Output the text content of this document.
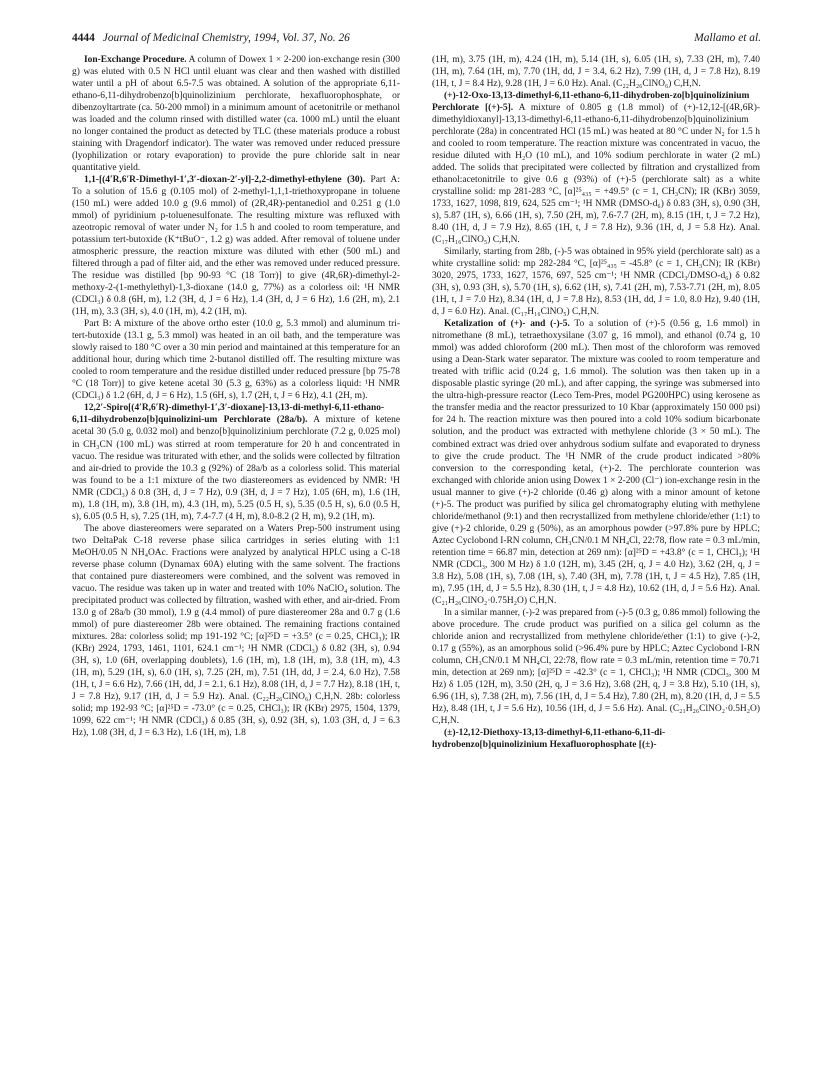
4444 Journal of Medicinal Chemistry, 1994, Vol. 37, No. 26	Mallamo et al.

Ion-Exchange Procedure. A column of Dowex 1 × 2-200 ion-exchange resin (300 g) was eluted with 0.5 N HCl until eluant was clear and then washed with distilled water until a pH of about 6.5-7.5 was obtained. A solution of the appropriate 6,11-ethano-6,11-dihydrobenzo[b]quinolizinium perchlorate, hexafluorophosphate, or dibenzoyltartrate (ca. 50-200 mmol) in a minimum amount of acetonitrile or methanol was loaded and the column rinsed with distilled water (ca. 1000 mL) until the eluant no longer contained the product as detected by TLC (these materials produce a robust staining with Dragendorf indicator). The water was removed under reduced pressure (lyophilization or rotary evaporation) to provide the pure chloride salt in near quantitative yield.

1,1-[(4′R,6′R-Dimethyl-1′,3′-dioxan-2′-yl]-2,2-dimethyl-ethylene (30). Part A: To a solution of 15.6 g (0.105 mol) of 2-methyl-1,1,1-triethoxypropane in toluene (150 mL) were added 10.0 g (9.6 mmol) of (2R,4R)-pentanediol and 0.251 g (1.0 mmol) of pyridinium p-toluenesulfonate. The resulting mixture was refluxed with azeotropic removal of water under N₂ for 1.5 h and cooled to room temperature, and potassium tert-butoxide (K⁺tBuO⁻, 1.2 g) was added. After removal of toluene under atmospheric pressure, the reaction mixture was diluted with ether (500 mL) and filtered through a pad of filter aid, and the ether was removed under reduced pressure. The residue was distilled [bp 90-93 °C (18 Torr)] to give (4R,6R)-dimethyl-2-methoxy-2-(1-methylethyl)-1,3-dioxane (14.0 g, 77%) as a colorless oil: ¹H NMR (CDCl₃) δ 0.8 (6H, m), 1.2 (3H, d, J = 6 Hz), 1.4 (3H, d, J = 6 Hz), 1.6 (2H, m), 2.1 (1H, m), 3.3 (3H, s), 4.0 (1H, m), 4.2 (1H, m).

Part B: A mixture of the above ortho ester (10.0 g, 5.3 mmol) and aluminum tri-tert-butoxide (13.1 g, 5.3 mmol) was heated in an oil bath, and the temperature was slowly raised to 180 °C over a 30 min period and maintained at this temperature for an additional hour, during which time 2-butanol distilled off. The resulting mixture was cooled to room temperature and the residue distilled under reduced pressure [bp 75-78 °C (18 Torr)] to give ketene acetal 30 (5.3 g, 63%) as a colorless liquid: ¹H NMR (CDCl₃) δ 1.2 (6H, d, J = 6 Hz), 1.5 (6H, s), 1.7 (2H, t, J = 6 Hz), 4.1 (2H, m).

12,2′-Spiro[(4′R,6′R)-dimethyl-1′,3′-dioxane]-13,13-di-methyl-6,11-ethano-6,11-dihydrobenzo[b]quinolizini-um Perchlorate (28a/b). A mixture of ketene acetal 30 (5.0 g, 0.032 mol) and benzo[b]quinolizinium perchlorate (7.2 g, 0.025 mol) in CH₃CN (100 mL) was stirred at room temperature for 20 h and concentrated in vacuo. The residue was triturated with ether, and the solids were collected by filtration and air-dried to provide the 10.3 g (92%) of 28a/b as a colorless solid. This material was found to be a 1:1 mixture of the two diastereomers as evidenced by NMR: ¹H NMR (CDCl₃) δ 0.8 (3H, d, J = 7 Hz), 0.9 (3H, d, J = 7 Hz), 1.05 (6H, m), 1.6 (1H, m), 1.8 (1H, m), 3.8 (1H, m), 4.3 (1H, m), 5.25 (0.5 H, s), 5.35 (0.5 H, s), 6.0 (0.5 H, s), 6.05 (0.5 H, s), 7.25 (1H, m), 7.4-7.7 (4 H, m), 8.0-8.2 (2 H, m), 9.2 (1H, m).

The above diastereomers were separated on a Waters Prep-500 instrument using two DeltaPak C-18 reverse phase silica cartridges in series eluting with 1:1 MeOH/0.05 N NH₄OAc. Fractions were analyzed by analytical HPLC using a C-18 reverse phase column (Dynamax 60A) eluting with the same solvent. The fractions that contained pure diastereomers were combined, and the solvent was removed in vacuo. The residue was taken up in water and treated with 10% NaClO₄ solution. The precipitated product was collected by filtration, washed with ether, and air-dried. From 13.0 g of 28a/b (30 mmol), 1.9 g (4.4 mmol) of pure diastereomer 28a and 0.7 g (1.6 mmol) of pure diastereomer 28b were obtained. The remaining fractions contained mixtures. 28a: colorless solid; mp 191-192 °C; [α]²⁵D = +3.5° (c = 0.25, CHCl₃); IR (KBr) 2924, 1793, 1461, 1101, 624.1 cm⁻¹; ¹H NMR (CDCl₃) δ 0.82 (3H, s), 0.94 (3H, s), 1.0 (6H, overlapping doublets), 1.6 (1H, m), 1.8 (1H, m), 3.8 (1H, m), 4.3 (1H, m), 5.29 (1H, s), 6.0 (1H, s), 7.25 (2H, m), 7.51 (1H, dd, J = 2.4, 6.0 Hz), 7.58 (1H, t, J = 6.6 Hz), 7.66 (1H, dd, J = 2.1, 6.1 Hz), 8.08 (1H, d, J = 7.7 Hz), 8.18 (1H, t, J = 7.8 Hz), 9.17 (1H, d, J = 5.9 Hz). Anal. (C₂₂H₂₆ClNO₆) C,H,N. 28b: colorless solid; mp 192-93 °C; [α]²⁵D = -73.0° (c = 0.25, CHCl₃); IR (KBr) 2975, 1504, 1379, 1099, 622 cm⁻¹; ¹H NMR (CDCl₃) δ 0.85 (3H, s), 0.92 (3H, s), 1.03 (3H, d, J = 6.3 Hz), 1.08 (3H, d, J = 6.3 Hz), 1.6 (1H, m), 1.8

(1H, m), 3.75 (1H, m), 4.24 (1H, m), 5.14 (1H, s), 6.05 (1H, s), 7.33 (2H, m), 7.40 (1H, m), 7.64 (1H, m), 7.70 (1H, dd, J = 3.4, 6.2 Hz), 7.99 (1H, d, J = 7.8 Hz), 8.19 (1H, t, J = 8.4 Hz), 9.28 (1H, J = 6.0 Hz). Anal. (C₂₂H₂₆ClNO₆) C,H,N.

(+)-12-Oxo-13,13-dimethyl-6,11-ethano-6,11-dihydroben-zo[b]quinolizinium Perchlorate [(+)-5]. A mixture of 0.805 g (1.8 mmol) of (+)-12,12-[(4R,6R)-dimethyldioxanyl]-13,13-dimethyl-6,11-ethano-6,11-dihydrobenzo[b]quinolizinium perchlorate (28a) in concentrated HCl (15 mL) was heated at 80 °C under N₂ for 1.5 h and cooled to room temperature. The reaction mixture was concentrated in vacuo, the residue diluted with H₂O (10 mL), and 10% sodium perchlorate in water (2 mL) added. The solids that precipitated were collected by filtration and crystallized from ethanol:acetonitrile to give 0.6 g (93%) of (+)-5 (perchlorate salt) as a white crystalline solid: mp 281-283 °C, [α]²⁵₄₃₅ = +49.5° (c = 1, CH₃CN); IR (KBr) 3059, 1733, 1627, 1098, 819, 624, 525 cm⁻¹; ¹H NMR (DMSO-d₆) δ 0.83 (3H, s), 0.90 (3H, s), 5.87 (1H, s), 6.66 (1H, s), 7.50 (2H, m), 7.6-7.7 (2H, m), 8.15 (1H, t, J = 7.2 Hz), 8.40 (1H, d, J = 7.9 Hz), 8.65 (1H, t, J = 7.8 Hz), 9.36 (1H, d, J = 5.8 Hz). Anal. (C₁₇H₁₆ClNO₅) C,H,N.

Similarly, starting from 28b, (-)-5 was obtained in 95% yield (perchlorate salt) as a white crystalline solid: mp 282-284 °C, [α]²⁵₄₃₅ = -45.8° (c = 1, CH₃CN); IR (KBr) 3020, 2975, 1733, 1627, 1576, 697, 525 cm⁻¹; ¹H NMR (CDCl₃/DMSO-d₆) δ 0.82 (3H, s), 0.93 (3H, s), 5.70 (1H, s), 6.62 (1H, s), 7.41 (2H, m), 7.53-7.71 (2H, m), 8.05 (1H, t, J = 7.0 Hz), 8.34 (1H, d, J = 7.8 Hz), 8.53 (1H, dd, J = 1.0, 8.0 Hz), 9.40 (1H, d, J = 6.0 Hz). Anal. (C₁₇H₁₆ClNO₅) C,H,N.

Ketalization of (+)- and (-)-5. To a solution of (+)-5 (0.56 g, 1.6 mmol) in nitromethane (8 mL), tetraethoxysilane (3.07 g, 16 mmol), and ethanol (0.74 g, 10 mmol) was added chloroform (200 mL). Then most of the chloroform was removed using a Dean-Stark water separator. The mixture was cooled to room temperature and treated with triflic acid (0.24 g, 1.6 mmol). The solution was then taken up in a disposable plastic syringe (20 mL), and after capping, the syringe was submersed into the ultra-high-pressure reactor (Leco Tem-Pres, model PG200HPC) using kerosene as the transfer media and the reactor pressurized to 10 Kbar (approximately 150 000 psi) for 24 h. The reaction mixture was then poured into a cold 10% sodium bicarbonate solution, and the product was extracted with methylene chloride (3 × 50 mL). The combined extract was dried over anhydrous sodium sulfate and evaporated to dryness to give the crude product. The ¹H NMR of the crude product indicated >80% conversion to the corresponding ketal, (+)-2. The perchlorate counterion was exchanged with chloride anion using Dowex 1 × 2-200 (Cl⁻) ion-exchange resin in the usual manner to give (+)-2 chloride (0.46 g) along with a minor amount of ketone (+)-5. The product was purified by silica gel chromatography eluting with methylene chloride/methanol (9:1) and then recrystallized from methylene chloride/ether (1:1) to give (+)-2 chloride, 0.29 g (50%), as an amorphous powder (>97.8% pure by HPLC; Aztec Cyclobond I-RN column, CH₃CN/0.1 M NH₄Cl, 22:78, flow rate = 0.3 mL/min, retention time = 66.87 min, detection at 269 nm): [α]²⁵D = +43.8° (c = 1, CHCl₃); ¹H NMR (CDCl₃, 300 M Hz) δ 1.0 (12H, m), 3.45 (2H, q, J = 4.0 Hz), 3.62 (2H, q, J = 3.8 Hz), 5.08 (1H, s), 7.08 (1H, s), 7.40 (3H, m), 7.78 (1H, t, J = 4.5 Hz), 7.85 (1H, m), 7.95 (1H, d, J = 5.5 Hz), 8.30 (1H, t, J = 4.8 Hz), 10.62 (1H, d, J = 5.6 Hz). Anal. (C₂₁H₂₆ClNO₂·0.75H₂O) C,H,N.

In a similar manner, (-)-2 was prepared from (-)-5 (0.3 g, 0.86 mmol) following the above procedure. The crude product was purified on a silica gel column as the chloride anion and recrystallized from methylene chloride/ether (1:1) to give (-)-2, 0.17 g (55%), as an amorphous solid (>96.4% pure by HPLC; Aztec Cyclobond I-RN column, CH₃CN/0.1 M NH₄Cl, 22:78, flow rate = 0.3 mL/min, retention time = 70.71 min, detection at 269 nm); [α]²⁵D = -42.3° (c = 1, CHCl₃); ¹H NMR (CDCl₃, 300 M Hz) δ 1.05 (12H, m), 3.50 (2H, q, J = 3.6 Hz), 3.68 (2H, q, J = 3.8 Hz), 5.10 (1H, s), 6.96 (1H, s), 7.38 (2H, m), 7.56 (1H, d, J = 5.4 Hz), 7.80 (2H, m), 8.20 (1H, d, J = 5.5 Hz), 8.48 (1H, t, J = 5.6 Hz), 10.56 (1H, d, J = 5.6 Hz). Anal. (C₂₁H₂₆ClNO₂·0.5H₂O) C,H,N.

(±)-12,12-Diethoxy-13,13-dimethyl-6,11-ethano-6,11-di-hydrobenzo[b]quinolizinium Hexafluorophosphate [(±)-
